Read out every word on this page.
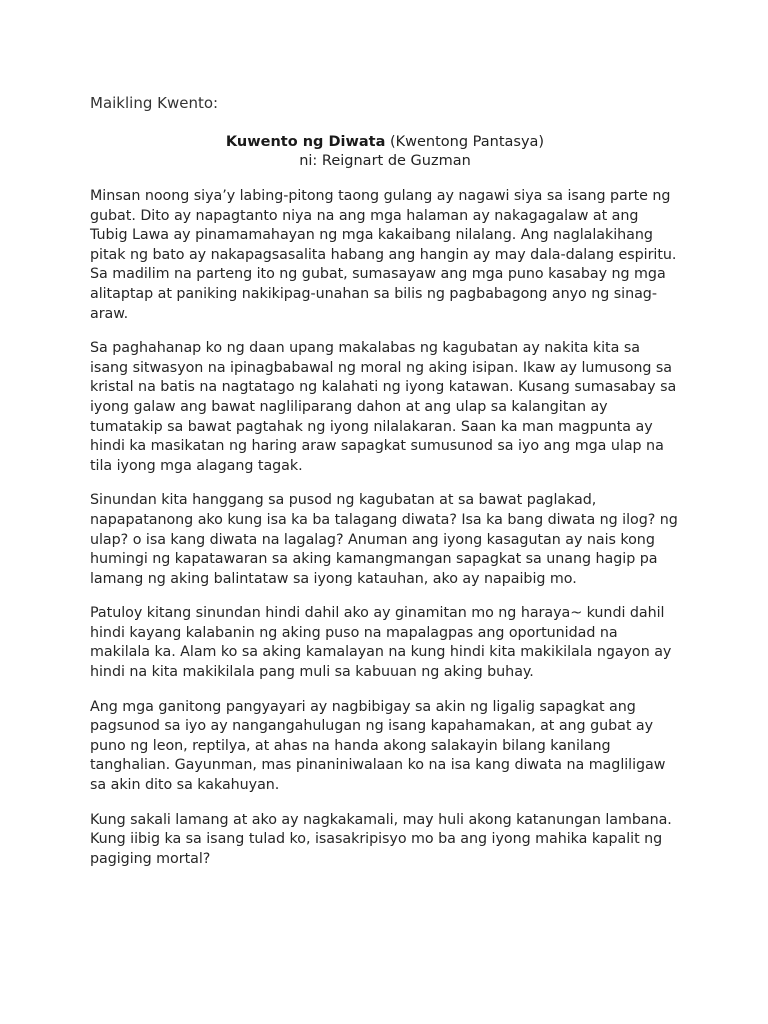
Maikling Kwento:
Kuwento ng Diwata (Kwentong Pantasya)
ni: Reignart de Guzman

Minsan noong siya’y labing-pitong taong gulang ay nagawi siya sa isang parte ng gubat. Dito ay napagtanto niya na ang mga halaman ay nakagagalaw at ang Tubig Lawa ay pinamamahayan ng mga kakaibang nilalang. Ang naglalakihang pitak ng bato ay nakapagsasalita habang ang hangin ay may dala-dalang espiritu. Sa madilim na parteng ito ng gubat, sumasayaw ang mga puno kasabay ng mga alitaptap at paniking nakikipag-unahan sa bilis ng pagbabagong anyo ng sinag-araw.

Sa paghahanap ko ng daan upang makalabas ng kagubatan ay nakita kita sa isang sitwasyon na ipinagbabawal ng moral ng aking isipan. Ikaw ay lumusong sa kristal na batis na nagtatago ng kalahati ng iyong katawan. Kusang sumasabay sa iyong galaw ang bawat nagliliparang dahon at ang ulap sa kalangitan ay tumatakip sa bawat pagtahak ng iyong nilalakaran. Saan ka man magpunta ay hindi ka masikatan ng haring araw sapagkat sumusunod sa iyo ang mga ulap na tila iyong mga alagang tagak.

Sinundan kita hanggang sa pusod ng kagubatan at sa bawat paglakad, napapatanong ako kung isa ka ba talagang diwata? Isa ka bang diwata ng ilog? ng ulap? o isa kang diwata na lagalag? Anuman ang iyong kasagutan ay nais kong humingi ng kapatawaran sa aking kamangmangan sapagkat sa unang hagip pa lamang ng aking balintataw sa iyong katauhan, ako ay napaibig mo.

Patuloy kitang sinundan hindi dahil ako ay ginamitan mo ng haraya~ kundi dahil hindi kayang kalabanin ng aking puso na mapalagpas ang oportunidad na makilala ka. Alam ko sa aking kamalayan na kung hindi kita makikilala ngayon ay hindi na kita makikilala pang muli sa kabuuan ng aking buhay.

Ang mga ganitong pangyayari ay nagbibigay sa akin ng ligalig sapagkat ang pagsunod sa iyo ay nangangahulugan ng isang kapahamakan, at ang gubat ay puno ng leon, reptilya, at ahas na handa akong salakayin bilang kanilang tanghalian. Gayunman, mas pinaniniwalaan ko na isa kang diwata na magliligaw sa akin dito sa kakahuyan.

Kung sakali lamang at ako ay nagkakamali, may huli akong katanungan lambana. Kung iibig ka sa isang tulad ko, isasakripisyo mo ba ang iyong mahika kapalit ng pagiging mortal?
